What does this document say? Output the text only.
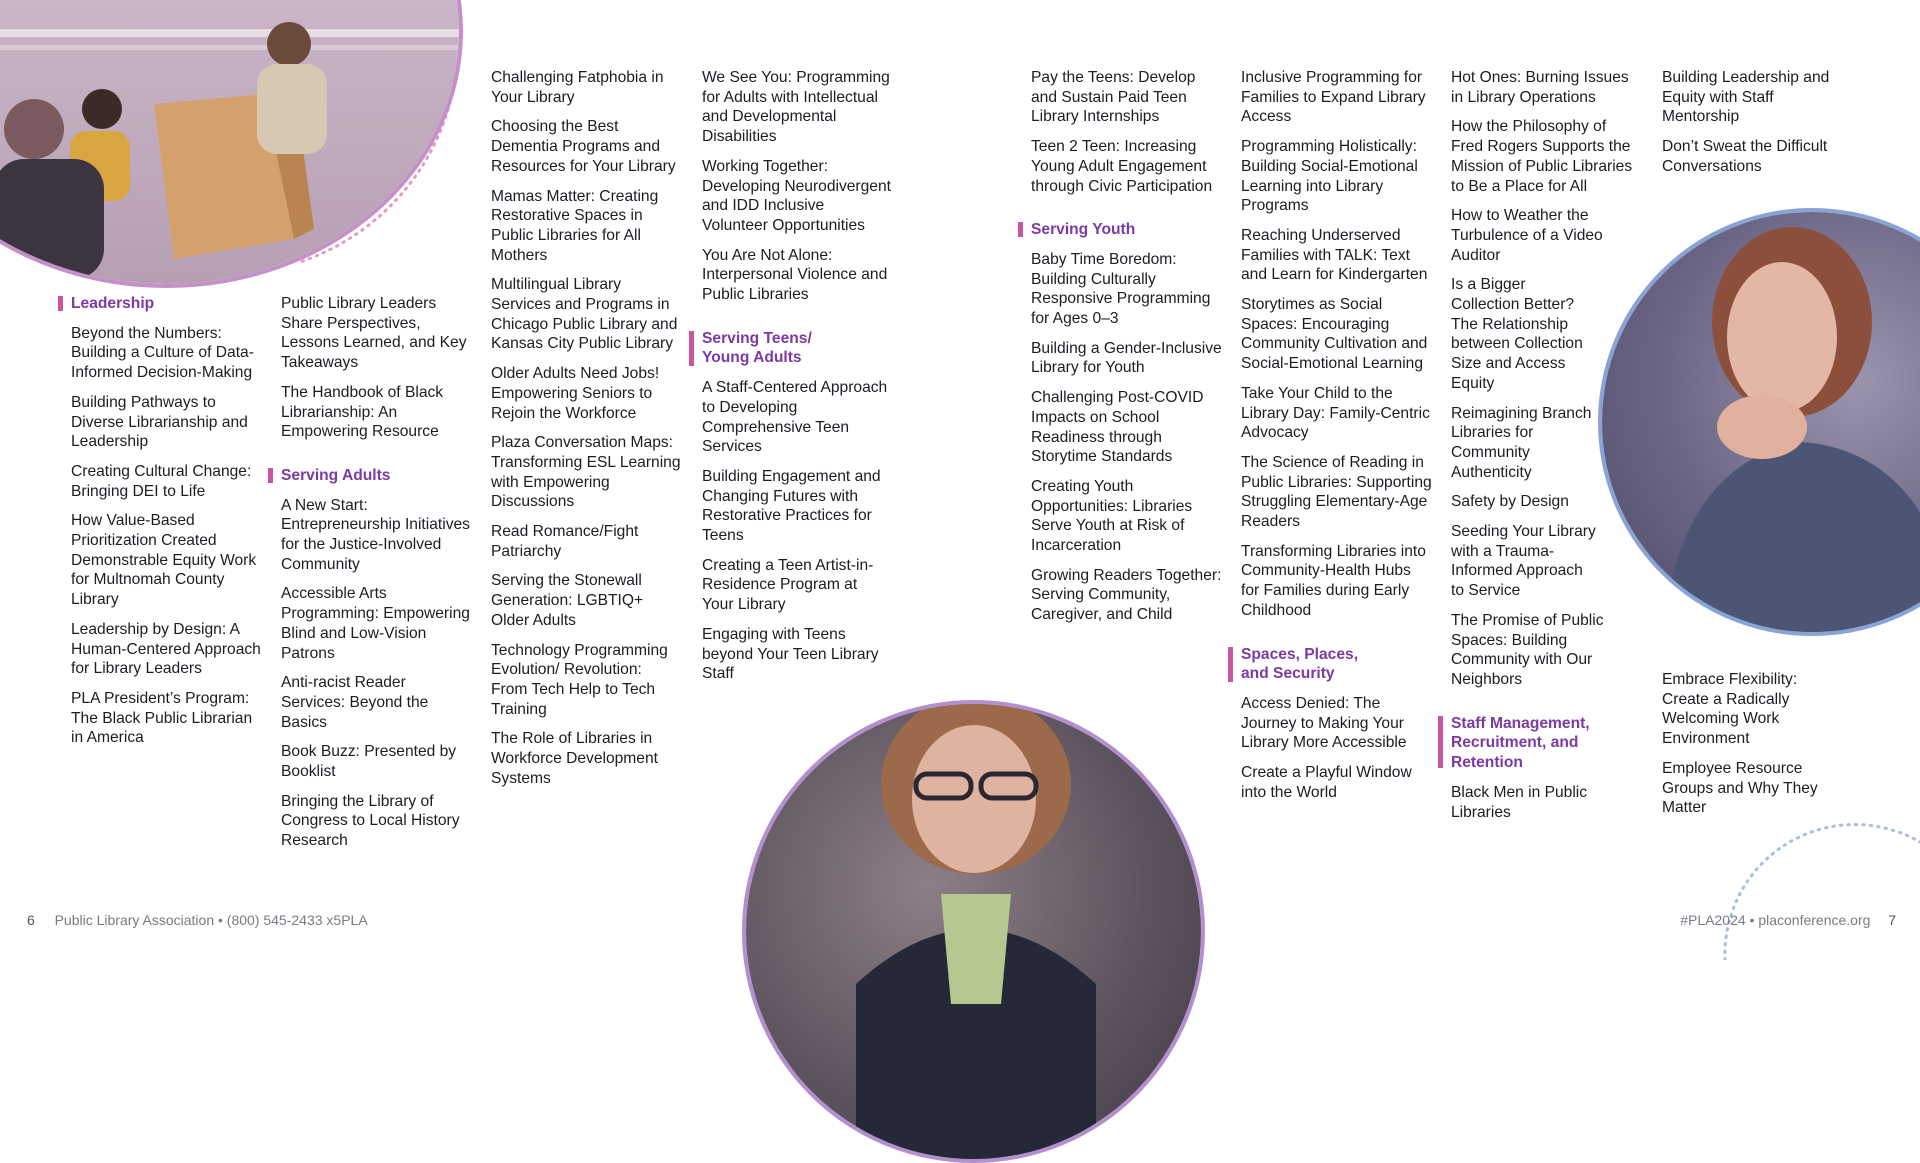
Leadership
Beyond the Numbers: Building a Culture of Data-Informed Decision-Making
Building Pathways to Diverse Librarianship and Leadership
Creating Cultural Change: Bringing DEI to Life
How Value-Based Prioritization Created Demonstrable Equity Work for Multnomah County Library
Leadership by Design: A Human-Centered Approach for Library Leaders
PLA President’s Program: The Black Public Librarian in America
Public Library Leaders Share Perspectives, Lessons Learned, and Key Takeaways
The Handbook of Black Librarianship: An Empowering Resource
Serving Adults
A New Start: Entrepreneurship Initiatives for the Justice-Involved Community
Accessible Arts Programming: Empowering Blind and Low-Vision Patrons
Anti-racist Reader Services: Beyond the Basics
Book Buzz: Presented by Booklist
Bringing the Library of Congress to Local History Research
Challenging Fatphobia in Your Library
Choosing the Best Dementia Programs and Resources for Your Library
Mamas Matter: Creating Restorative Spaces in Public Libraries for All Mothers
Multilingual Library Services and Programs in Chicago Public Library and Kansas City Public Library
Older Adults Need Jobs! Empowering Seniors to Rejoin the Workforce
Plaza Conversation Maps: Transforming ESL Learning with Empowering Discussions
Read Romance/Fight Patriarchy
Serving the Stonewall Generation: LGBTIQ+ Older Adults
Technology Programming Evolution/ Revolution: From Tech Help to Tech Training
The Role of Libraries in Workforce Development Systems
We See You: Programming for Adults with Intellectual and Developmental Disabilities
Working Together: Developing Neurodivergent and IDD Inclusive Volunteer Opportunities
You Are Not Alone: Interpersonal Violence and Public Libraries
Serving Teens/ Young Adults
A Staff-Centered Approach to Developing Comprehensive Teen Services
Building Engagement and Changing Futures with Restorative Practices for Teens
Creating a Teen Artist-in-Residence Program at Your Library
Engaging with Teens beyond Your Teen Library Staff
Pay the Teens: Develop and Sustain Paid Teen Library Internships
Teen 2 Teen: Increasing Young Adult Engagement through Civic Participation
Serving Youth
Baby Time Boredom: Building Culturally Responsive Programming for Ages 0–3
Building a Gender-Inclusive Library for Youth
Challenging Post-COVID Impacts on School Readiness through Storytime Standards
Creating Youth Opportunities: Libraries Serve Youth at Risk of Incarceration
Growing Readers Together: Serving Community, Caregiver, and Child
Inclusive Programming for Families to Expand Library Access
Programming Holistically: Building Social-Emotional Learning into Library Programs
Reaching Underserved Families with TALK: Text and Learn for Kindergarten
Storytimes as Social Spaces: Encouraging Community Cultivation and Social-Emotional Learning
Take Your Child to the Library Day: Family-Centric Advocacy
The Science of Reading in Public Libraries: Supporting Struggling Elementary-Age Readers
Transforming Libraries into Community-Health Hubs for Families during Early Childhood
Spaces, Places, and Security
Access Denied: The Journey to Making Your Library More Accessible
Create a Playful Window into the World
Hot Ones: Burning Issues in Library Operations
How the Philosophy of Fred Rogers Supports the Mission of Public Libraries to Be a Place for All
How to Weather the Turbulence of a Video Auditor
Is a Bigger Collection Better? The Relationship between Collection Size and Access Equity
Reimagining Branch Libraries for Community Authenticity
Safety by Design
Seeding Your Library with a Trauma-Informed Approach to Service
The Promise of Public Spaces: Building Community with Our Neighbors
Staff Management, Recruitment, and Retention
Black Men in Public Libraries
Building Leadership and Equity with Staff Mentorship
Don’t Sweat the Difficult Conversations
Embrace Flexibility: Create a Radically Welcoming Work Environment
Employee Resource Groups and Why They Matter
6 Public Library Association • (800) 545-2433 x5PLA	#PLA2024 • placonference.org 7
